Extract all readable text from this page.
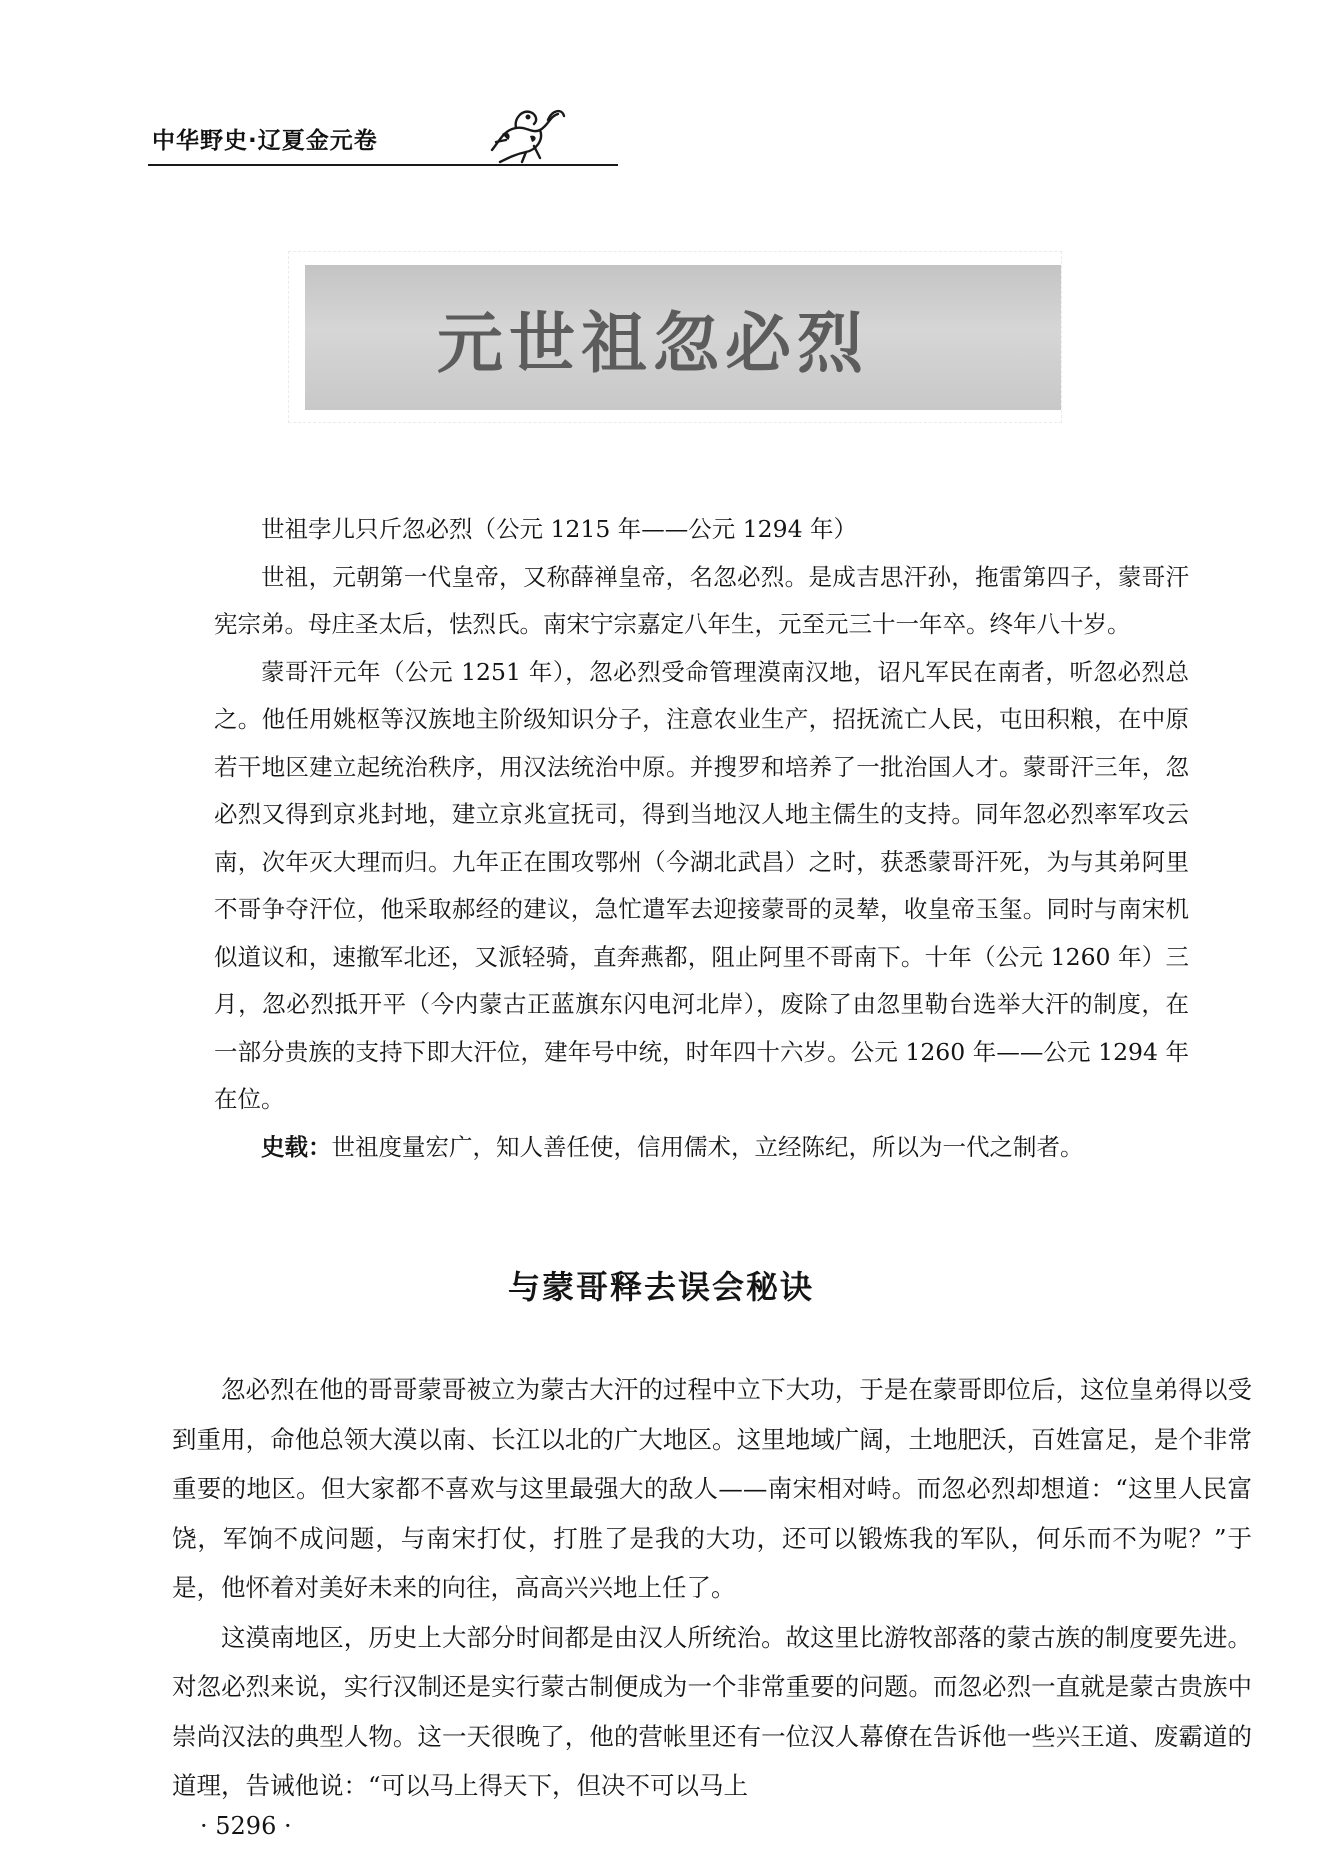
中华野史·辽夏金元卷
元世祖忽必烈

世祖孛儿只斤忽必烈（公元 1215 年——公元 1294 年）

世祖，元朝第一代皇帝，又称薛禅皇帝，名忽必烈。是成吉思汗孙，拖雷第四子，蒙哥汗宪宗弟。母庄圣太后，怯烈氏。南宋宁宗嘉定八年生，元至元三十一年卒。终年八十岁。

蒙哥汗元年（公元 1251 年），忽必烈受命管理漠南汉地，诏凡军民在南者，听忽必烈总之。他任用姚枢等汉族地主阶级知识分子，注意农业生产，招抚流亡人民，屯田积粮，在中原若干地区建立起统治秩序，用汉法统治中原。并搜罗和培养了一批治国人才。蒙哥汗三年，忽必烈又得到京兆封地，建立京兆宣抚司，得到当地汉人地主儒生的支持。同年忽必烈率军攻云南，次年灭大理而归。九年正在围攻鄂州（今湖北武昌）之时，获悉蒙哥汗死，为与其弟阿里不哥争夺汗位，他采取郝经的建议，急忙遣军去迎接蒙哥的灵辇，收皇帝玉玺。同时与南宋机似道议和，速撤军北还，又派轻骑，直奔燕都，阻止阿里不哥南下。十年（公元 1260 年）三月，忽必烈抵开平（今内蒙古正蓝旗东闪电河北岸），废除了由忽里勒台选举大汗的制度，在一部分贵族的支持下即大汗位，建年号中统，时年四十六岁。公元 1260 年——公元 1294 年在位。

史载：世祖度量宏广，知人善任使，信用儒术，立经陈纪，所以为一代之制者。

与蒙哥释去误会秘诀

忽必烈在他的哥哥蒙哥被立为蒙古大汗的过程中立下大功，于是在蒙哥即位后，这位皇弟得以受到重用，命他总领大漠以南、长江以北的广大地区。这里地域广阔，土地肥沃，百姓富足，是个非常重要的地区。但大家都不喜欢与这里最强大的敌人——南宋相对峙。而忽必烈却想道：“这里人民富饶，军饷不成问题，与南宋打仗，打胜了是我的大功，还可以锻炼我的军队，何乐而不为呢？”于是，他怀着对美好未来的向往，高高兴兴地上任了。

这漠南地区，历史上大部分时间都是由汉人所统治。故这里比游牧部落的蒙古族的制度要先进。对忽必烈来说，实行汉制还是实行蒙古制便成为一个非常重要的问题。而忽必烈一直就是蒙古贵族中崇尚汉法的典型人物。这一天很晚了，他的营帐里还有一位汉人幕僚在告诉他一些兴王道、废霸道的道理，告诫他说：“可以马上得天下，但决不可以马上

· 5296 ·
